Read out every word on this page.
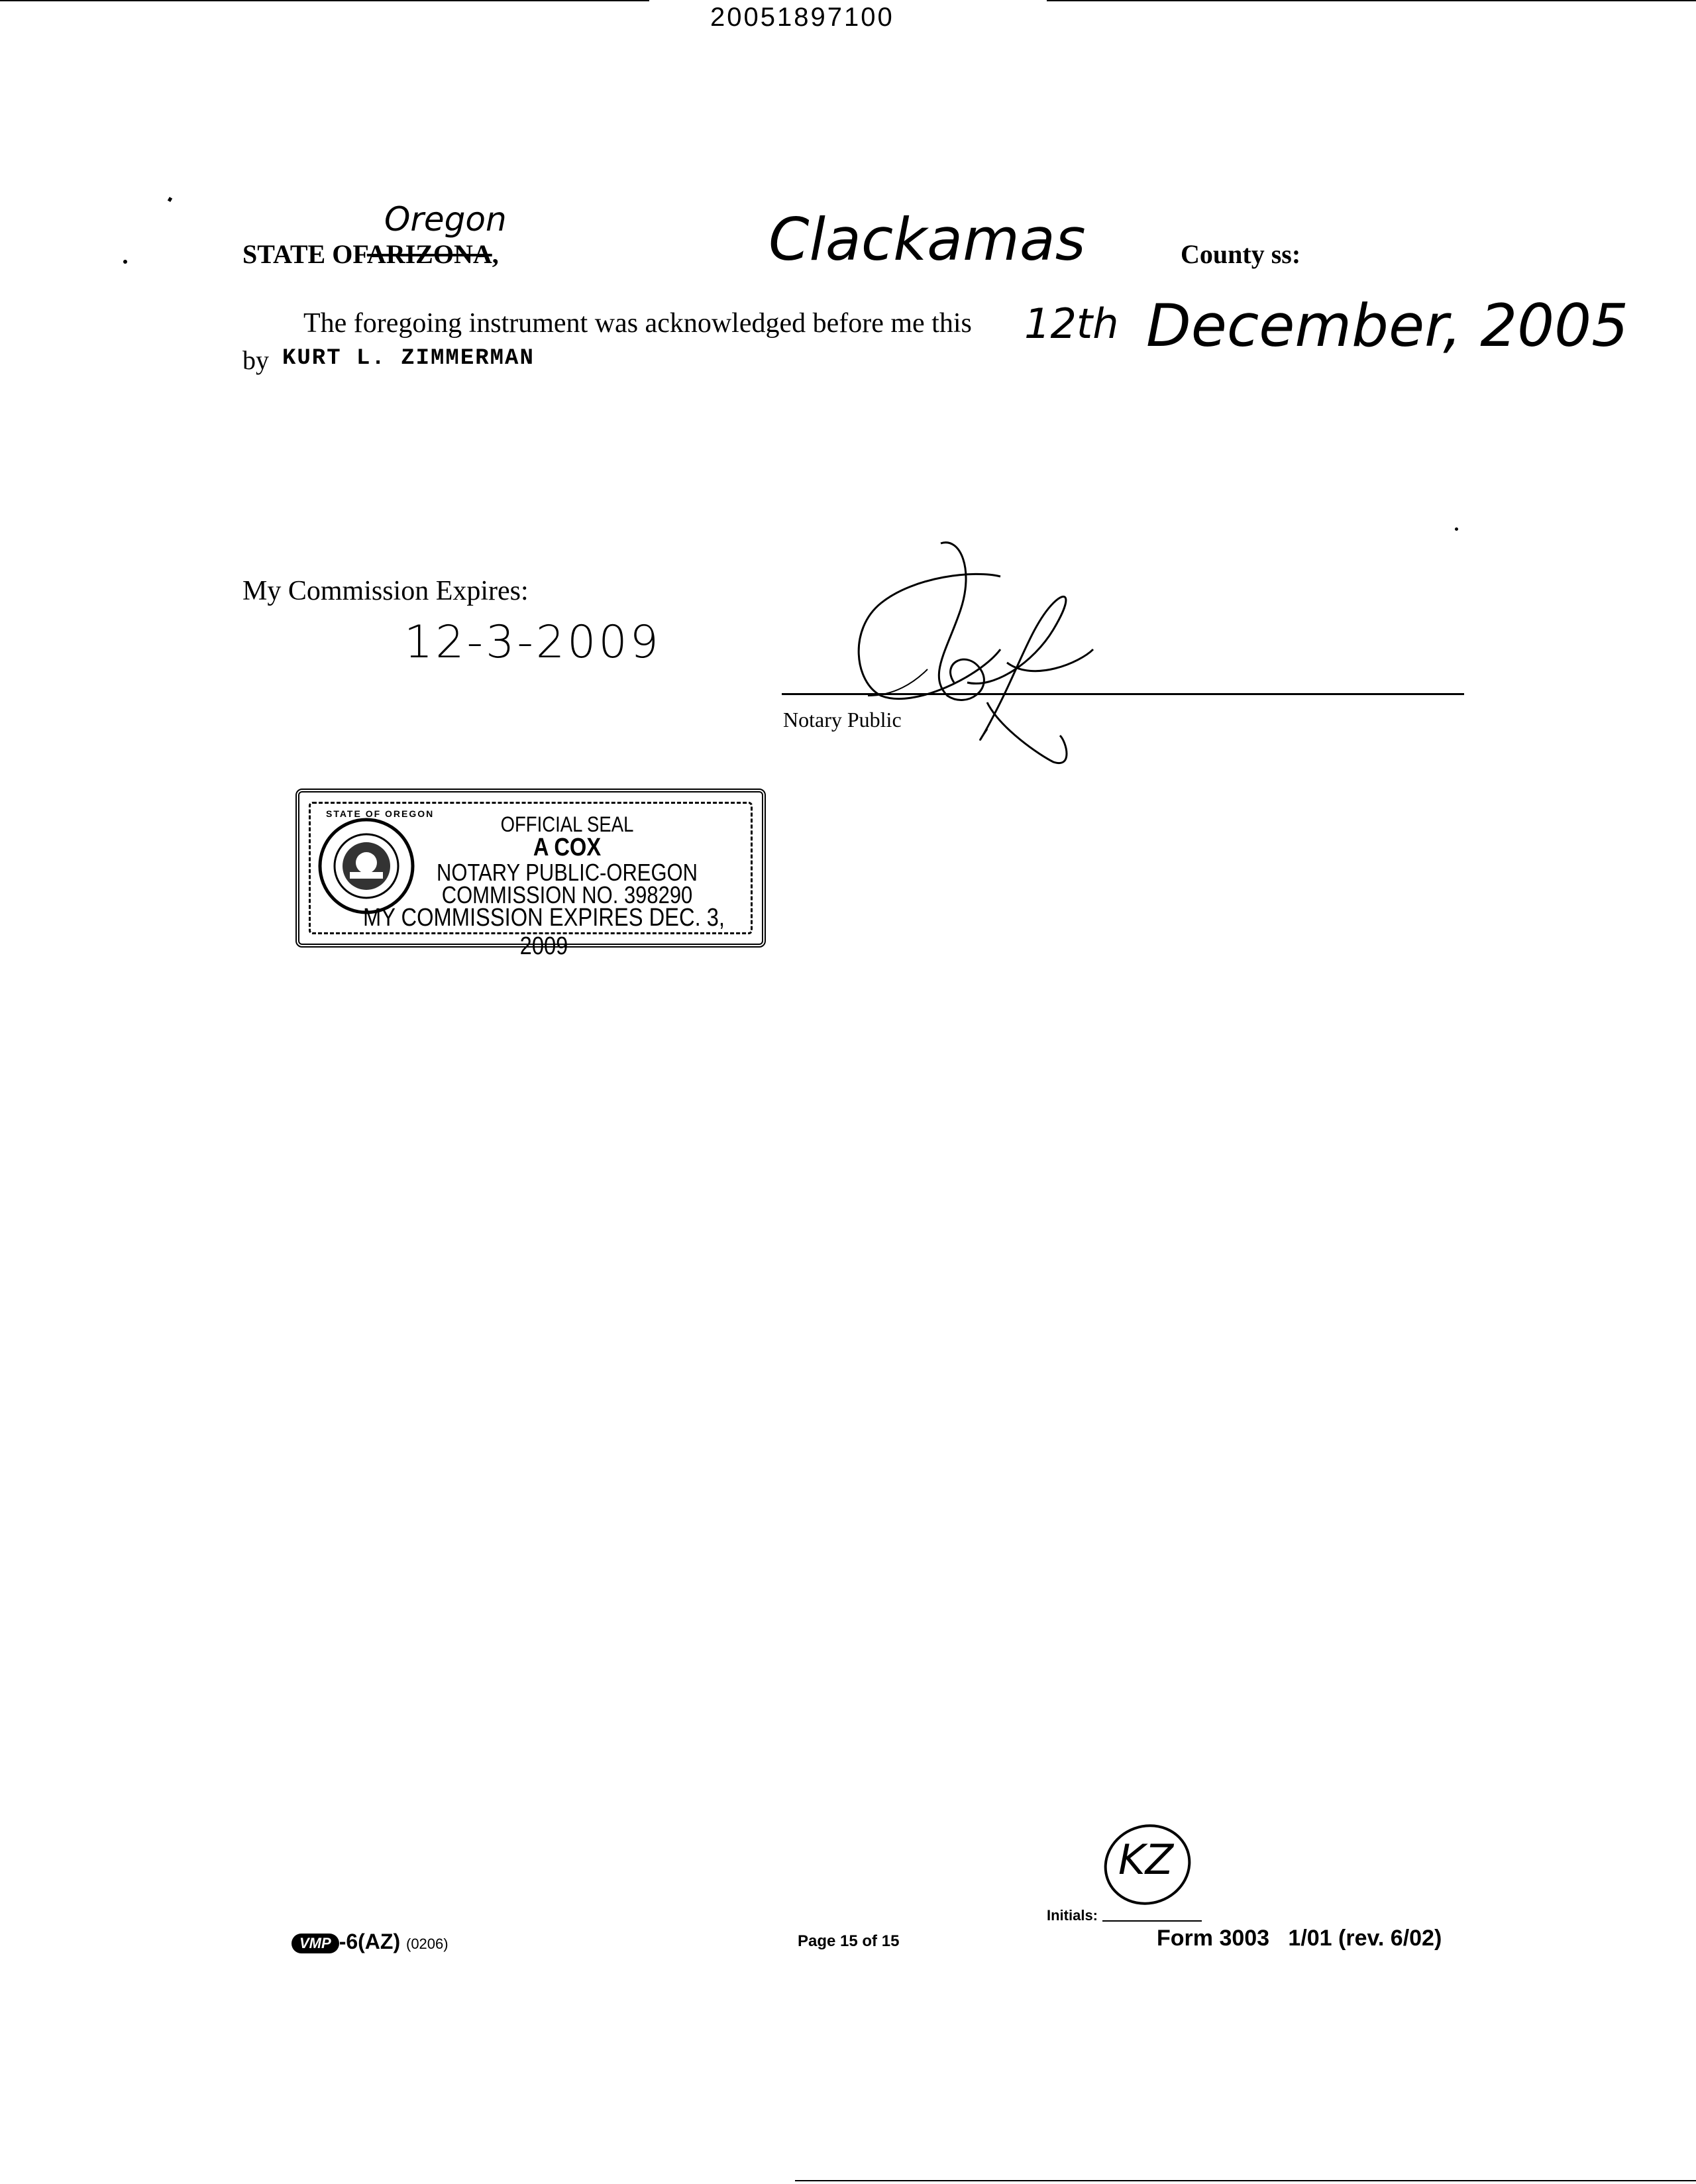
20051897100
STATE OFARIZONA,
Oregon	Clackamas	County ss:
The foregoing instrument was acknowledged before me this 12th December, 2005
by KURT L. ZIMMERMAN
My Commission Expires:
12-3-2009
Notary Public
STATE OF OREGON	OFFICIAL SEAL
A COX
NOTARY PUBLIC-OREGON
COMMISSION NO. 398290
MY COMMISSION EXPIRES DEC. 3, 2009
VMP -6(AZ) (0206)	Page 15 of 15
KZ
Initials:
Form 3003   1/01 (rev. 6/02)
